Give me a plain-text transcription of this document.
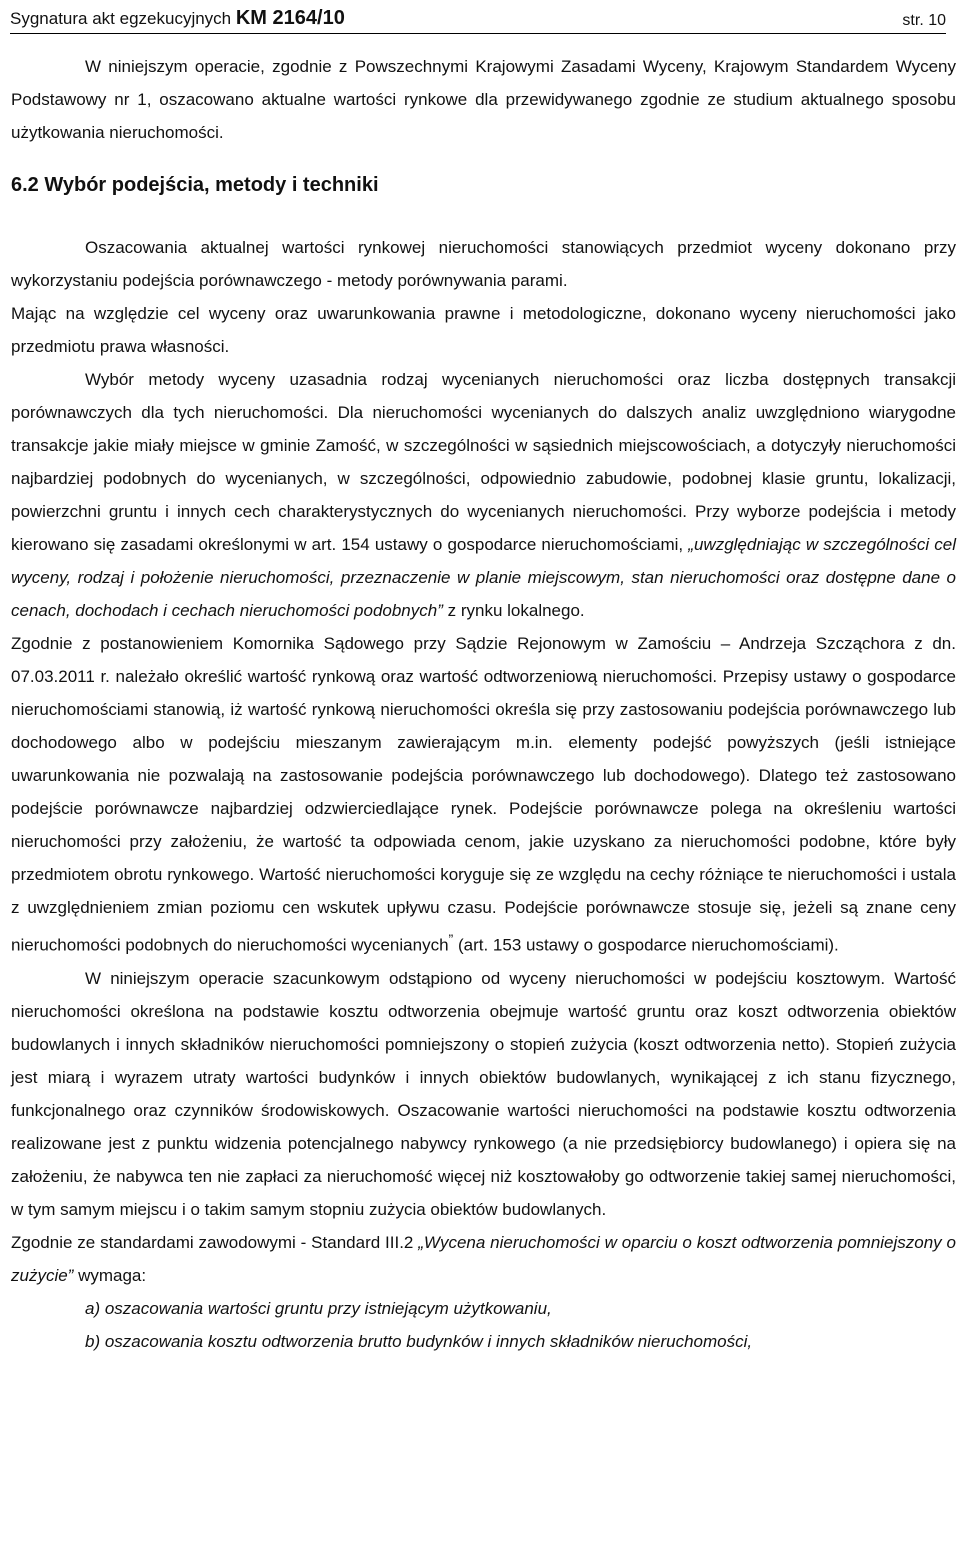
Sygnatura akt egzekucyjnych KM 2164/10	str. 10

W niniejszym operacie, zgodnie z Powszechnymi Krajowymi Zasadami Wyceny, Krajowym Standardem Wyceny Podstawowy nr 1, oszacowano aktualne wartości rynkowe dla przewidywanego zgodnie ze studium aktualnego sposobu użytkowania nieruchomości.

6.2 Wybór podejścia, metody i techniki

Oszacowania aktualnej wartości rynkowej nieruchomości stanowiących przedmiot wyceny dokonano przy wykorzystaniu podejścia porównawczego - metody porównywania parami.

Mając na względzie cel wyceny oraz uwarunkowania prawne i metodologiczne, dokonano wyceny nieruchomości jako przedmiotu prawa własności.

Wybór metody wyceny uzasadnia rodzaj wycenianych nieruchomości oraz liczba dostępnych transakcji porównawczych dla tych nieruchomości. Dla nieruchomości wycenianych do dalszych analiz uwzględniono wiarygodne transakcje jakie miały miejsce w gminie Zamość, w szczególności w sąsiednich miejscowościach, a dotyczyły nieruchomości najbardziej podobnych do wycenianych, w szczególności, odpowiednio zabudowie, podobnej klasie gruntu, lokalizacji, powierzchni gruntu i innych cech charakterystycznych do wycenianych nieruchomości. Przy wyborze podejścia i metody kierowano się zasadami określonymi w art. 154 ustawy o gospodarce nieruchomościami, „uwzględniając w szczególności cel wyceny, rodzaj i położenie nieruchomości, przeznaczenie w planie miejscowym, stan nieruchomości oraz dostępne dane o cenach, dochodach i cechach nieruchomości podobnych” z rynku lokalnego.

Zgodnie z postanowieniem Komornika Sądowego przy Sądzie Rejonowym w Zamościu – Andrzeja Szcząchora z dn. 07.03.2011 r. należało określić wartość rynkową oraz wartość odtworzeniową nieruchomości. Przepisy ustawy o gospodarce nieruchomościami stanowią, iż wartość rynkową nieruchomości określa się przy zastosowaniu podejścia porównawczego lub dochodowego albo w podejściu mieszanym zawierającym m.in. elementy podejść powyższych (jeśli istniejące uwarunkowania nie pozwalają na zastosowanie podejścia porównawczego lub dochodowego). Dlatego też zastosowano podejście porównawcze najbardziej odzwierciedlające rynek. Podejście porównawcze polega na określeniu wartości nieruchomości przy założeniu, że wartość ta odpowiada cenom, jakie uzyskano za nieruchomości podobne, które były przedmiotem obrotu rynkowego. Wartość nieruchomości koryguje się ze względu na cechy różniące te nieruchomości i ustala z uwzględnieniem zmian poziomu cen wskutek upływu czasu. Podejście porównawcze stosuje się, jeżeli są znane ceny nieruchomości podobnych do nieruchomości wycenianych” (art. 153 ustawy o gospodarce nieruchomościami).

W niniejszym operacie szacunkowym odstąpiono od wyceny nieruchomości w podejściu kosztowym. Wartość nieruchomości określona na podstawie kosztu odtworzenia obejmuje wartość gruntu oraz koszt odtworzenia obiektów budowlanych i innych składników nieruchomości pomniejszony o stopień zużycia (koszt odtworzenia netto). Stopień zużycia jest miarą i wyrazem utraty wartości budynków i innych obiektów budowlanych, wynikającej z ich stanu fizycznego, funkcjonalnego oraz czynników środowiskowych. Oszacowanie wartości nieruchomości na podstawie kosztu odtworzenia realizowane jest z punktu widzenia potencjalnego nabywcy rynkowego (a nie przedsiębiorcy budowlanego) i opiera się na założeniu, że nabywca ten nie zapłaci za nieruchomość więcej niż kosztowałoby go odtworzenie takiej samej nieruchomości, w tym samym miejscu i o takim samym stopniu zużycia obiektów budowlanych.

Zgodnie ze standardami zawodowymi - Standard III.2 „Wycena nieruchomości w oparciu o koszt odtworzenia pomniejszony o zużycie” wymaga:

a) oszacowania wartości gruntu przy istniejącym użytkowaniu,

b) oszacowania kosztu odtworzenia brutto budynków i innych składników nieruchomości,
